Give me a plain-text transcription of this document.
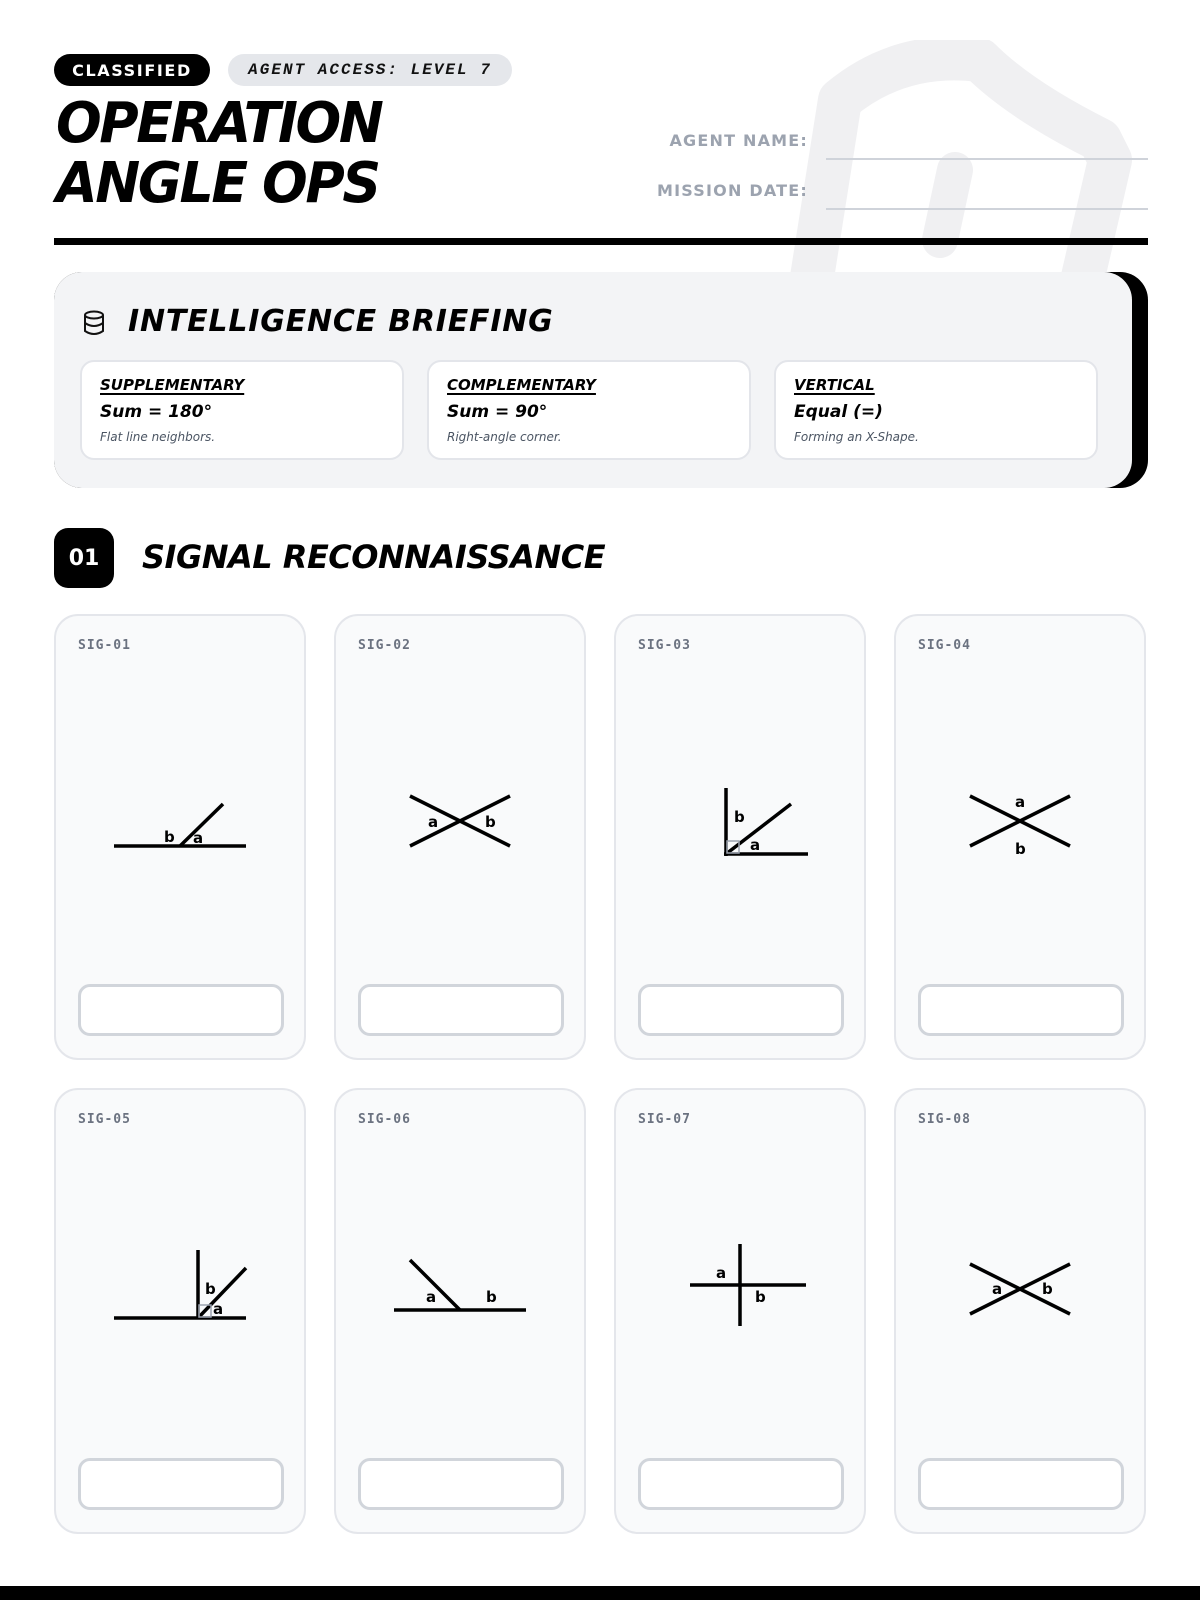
CLASSIFIED	AGENT ACCESS: LEVEL 7
OPERATION
ANGLE OPS
AGENT NAME:
MISSION DATE:
INTELLIGENCE BRIEFING
SUPPLEMENTARY
Sum = 180°
Flat line neighbors.
COMPLEMENTARY
Sum = 90°
Right-angle corner.
VERTICAL
Equal (=)
Forming an X-Shape.
01	SIGNAL RECONNAISSANCE
SIG-01
b a
SIG-02
a	b
SIG-03
b
a
SIG-04
a
b
SIG-05
b
a
SIG-06
a	b
SIG-07
a
b
SIG-08
a	b
